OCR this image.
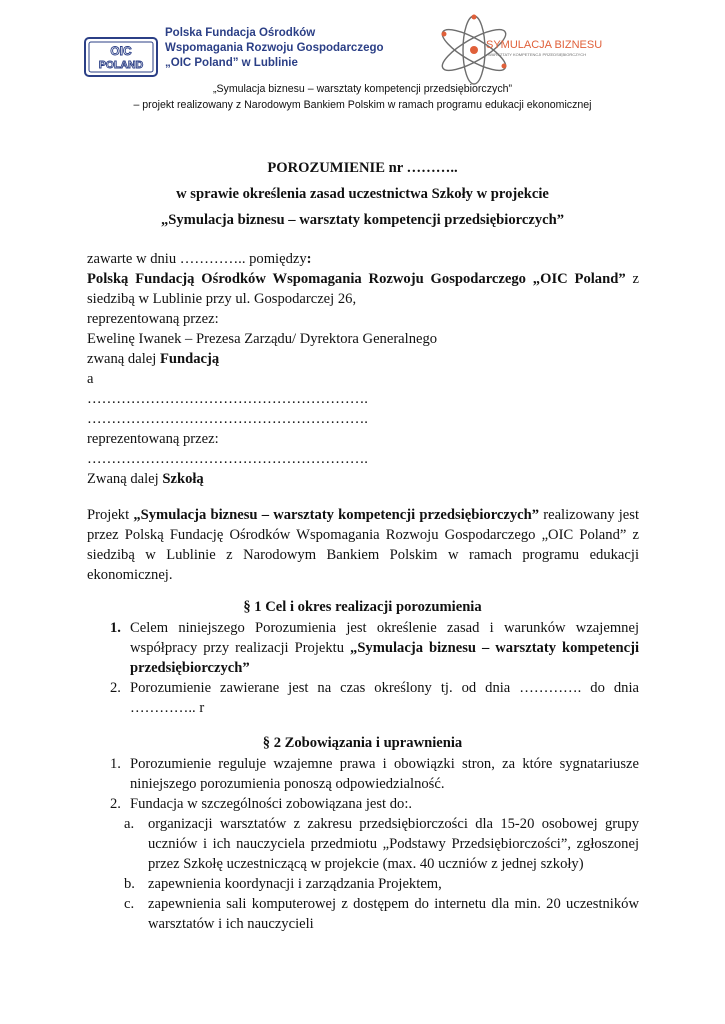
OIC
POLAND
Polska Fundacja Ośrodków
Wspomagania Rozwoju Gospodarczego
„OIC Poland” w Lublinie
SYMULACJA BIZNESU
WARSZTATY KOMPETENCJI PRZEDSIĘBIORCZYCH
„Symulacja biznesu – warsztaty kompetencji przedsiębiorczych”
– projekt realizowany z Narodowym Bankiem Polskim w ramach programu edukacji ekonomicznej
POROZUMIENIE nr ………..
w sprawie określenia zasad uczestnictwa Szkoły w projekcie
„Symulacja biznesu – warsztaty kompetencji przedsiębiorczych”
zawarte w dniu ………….. pomiędzy:
Polską Fundacją Ośrodków Wspomagania Rozwoju Gospodarczego „OIC Poland” z
siedzibą w Lublinie przy ul. Gospodarczej 26,
reprezentowaną przez:
Ewelinę Iwanek – Prezesa Zarządu/ Dyrektora Generalnego
zwaną dalej Fundacją
a
………………………………………………….
………………………………………………….
reprezentowaną przez:
………………………………………………….
Zwaną dalej Szkołą
Projekt „Symulacja biznesu – warsztaty kompetencji przedsiębiorczych” realizowany jest
przez Polską Fundację Ośrodków Wspomagania Rozwoju Gospodarczego „OIC Poland” z
siedzibą w Lublinie z Narodowym Bankiem Polskim w ramach programu edukacji
ekonomicznej.
§ 1 Cel i okres realizacji porozumienia
1. Celem niniejszego Porozumienia jest określenie zasad i warunków wzajemnej
współpracy przy realizacji Projektu „Symulacja biznesu – warsztaty kompetencji
przedsiębiorczych”
2. Porozumienie zawierane jest na czas określony tj. od dnia …………. do dnia
………….. r
§ 2 Zobowiązania i uprawnienia
1. Porozumienie reguluje wzajemne prawa i obowiązki stron, za które sygnatariusze
niniejszego porozumienia ponoszą odpowiedzialność.
2. Fundacja w szczególności zobowiązana jest do:.
a. organizacji warsztatów z zakresu przedsiębiorczości dla 15-20 osobowej grupy
uczniów i ich nauczyciela przedmiotu „Podstawy Przedsiębiorczości”, zgłoszonej
przez Szkołę uczestniczącą w projekcie (max. 40 uczniów z jednej szkoły)
b. zapewnienia koordynacji i zarządzania Projektem,
c. zapewnienia sali komputerowej z dostępem do internetu dla min. 20 uczestników
warsztatów i ich nauczycieli
